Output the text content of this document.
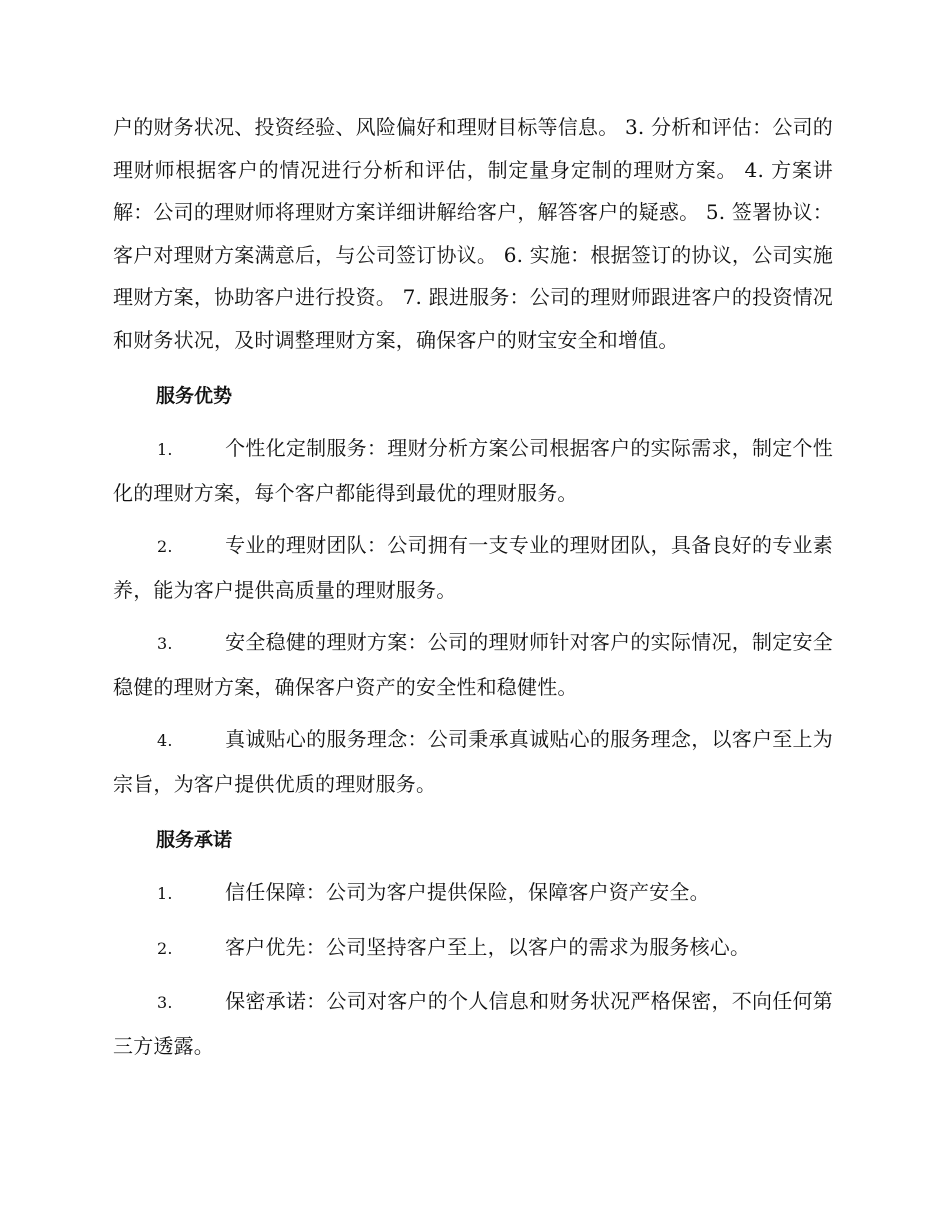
户的财务状况、投资经验、风险偏好和理财目标等信息。 3. 分析和评估：公司的理财师根据客户的情况进行分析和评估，制定量身定制的理财方案。 4. 方案讲解：公司的理财师将理财方案详细讲解给客户，解答客户的疑惑。 5. 签署协议：客户对理财方案满意后，与公司签订协议。 6. 实施：根据签订的协议，公司实施理财方案，协助客户进行投资。 7. 跟进服务：公司的理财师跟进客户的投资情况和财务状况，及时调整理财方案，确保客户的财宝安全和增值。

服务优势

1.	个性化定制服务：理财分析方案公司根据客户的实际需求，制定个性化的理财方案，每个客户都能得到最优的理财服务。

2.	专业的理财团队：公司拥有一支专业的理财团队，具备良好的专业素养，能为客户提供高质量的理财服务。

3.	安全稳健的理财方案：公司的理财师针对客户的实际情况，制定安全稳健的理财方案，确保客户资产的安全性和稳健性。

4.	真诚贴心的服务理念：公司秉承真诚贴心的服务理念，以客户至上为宗旨，为客户提供优质的理财服务。

服务承诺

1.	信任保障：公司为客户提供保险，保障客户资产安全。

2.	客户优先：公司坚持客户至上，以客户的需求为服务核心。

3.	保密承诺：公司对客户的个人信息和财务状况严格保密，不向任何第三方透露。
